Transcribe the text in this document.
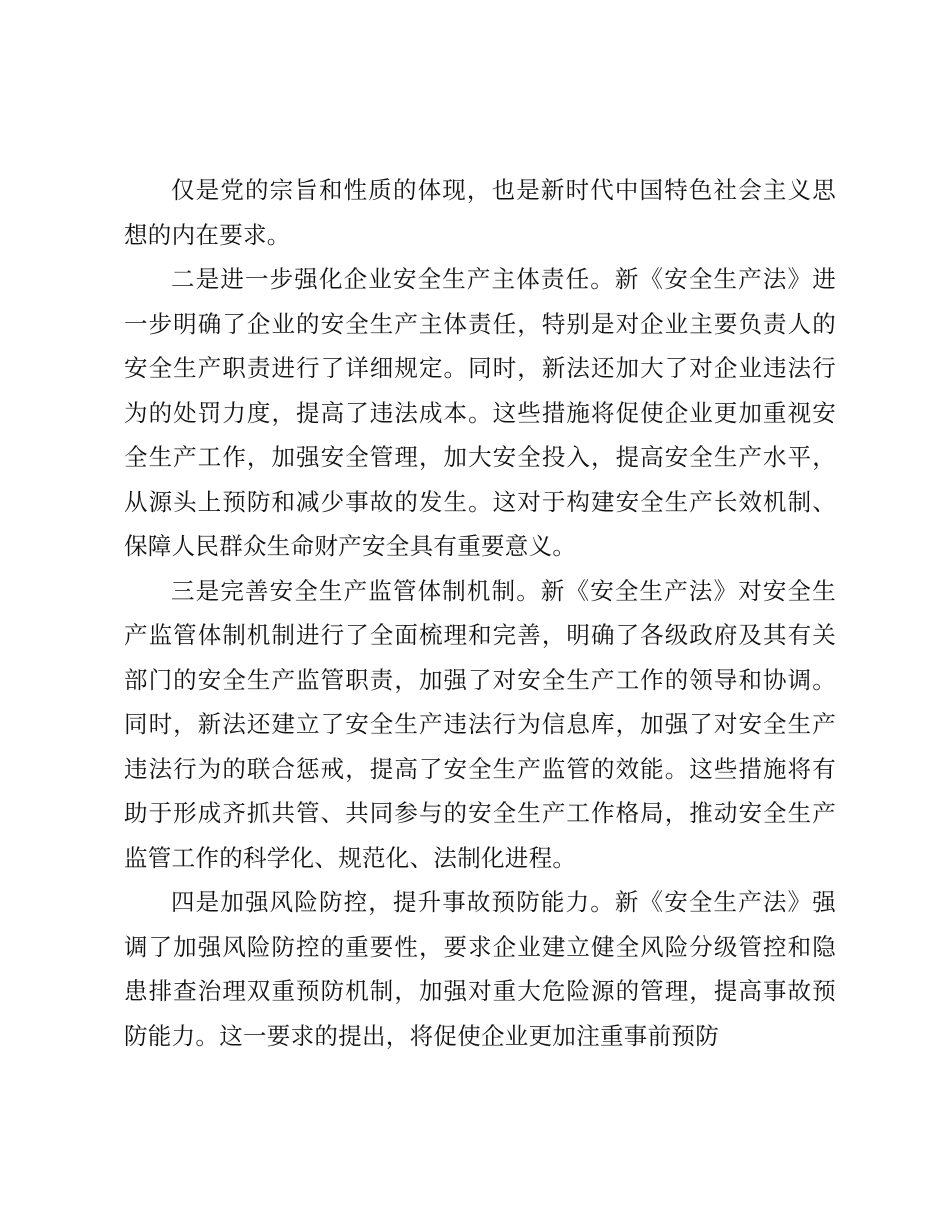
仅是党的宗旨和性质的体现，也是新时代中国特色社会主义思想的内在要求。

二是进一步强化企业安全生产主体责任。新《安全生产法》进一步明确了企业的安全生产主体责任，特别是对企业主要负责人的安全生产职责进行了详细规定。同时，新法还加大了对企业违法行为的处罚力度，提高了违法成本。这些措施将促使企业更加重视安全生产工作，加强安全管理，加大安全投入，提高安全生产水平，从源头上预防和减少事故的发生。这对于构建安全生产长效机制、保障人民群众生命财产安全具有重要意义。

三是完善安全生产监管体制机制。新《安全生产法》对安全生产监管体制机制进行了全面梳理和完善，明确了各级政府及其有关部门的安全生产监管职责，加强了对安全生产工作的领导和协调。同时，新法还建立了安全生产违法行为信息库，加强了对安全生产违法行为的联合惩戒，提高了安全生产监管的效能。这些措施将有助于形成齐抓共管、共同参与的安全生产工作格局，推动安全生产监管工作的科学化、规范化、法制化进程。

四是加强风险防控，提升事故预防能力。新《安全生产法》强调了加强风险防控的重要性，要求企业建立健全风险分级管控和隐患排查治理双重预防机制，加强对重大危险源的管理，提高事故预防能力。这一要求的提出，将促使企业更加注重事前预防
